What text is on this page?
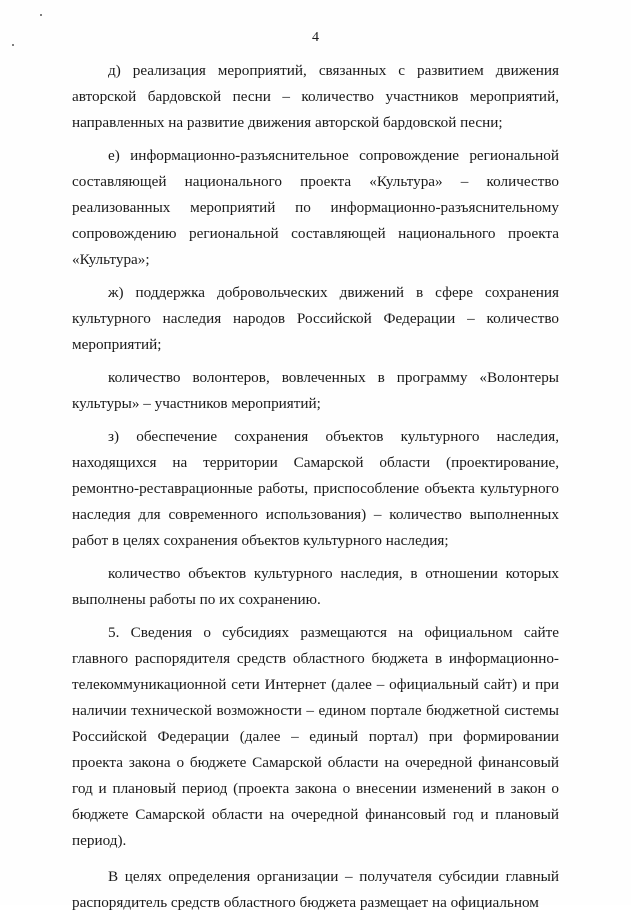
4

д) реализация мероприятий, связанных с развитием движения авторской бардовской песни – количество участников мероприятий, направленных на развитие движения авторской бардовской песни;

е) информационно-разъяснительное сопровождение региональной составляющей национального проекта «Культура» – количество реализованных мероприятий по информационно-разъяснительному сопровождению региональной составляющей национального проекта «Культура»;

ж) поддержка добровольческих движений в сфере сохранения культурного наследия народов Российской Федерации – количество мероприятий;

количество волонтеров, вовлеченных в программу «Волонтеры культуры» – участников мероприятий;

з) обеспечение сохранения объектов культурного наследия, находящихся на территории Самарской области (проектирование, ремонтно-реставрационные работы, приспособление объекта культурного наследия для современного использования) – количество выполненных работ в целях сохранения объектов культурного наследия;

количество объектов культурного наследия, в отношении которых выполнены работы по их сохранению.

5. Сведения о субсидиях размещаются на официальном сайте главного распорядителя средств областного бюджета в информационно-телекоммуникационной сети Интернет (далее – официальный сайт) и при наличии технической возможности – едином портале бюджетной системы Российской Федерации (далее – единый портал) при формировании проекта закона о бюджете Самарской области на очередной финансовый год и плановый период (проекта закона о внесении изменений в закон о бюджете Самарской области на очередной финансовый год и плановый период).

В целях определения организации – получателя субсидии главный распорядитель средств областного бюджета размещает на официальном
